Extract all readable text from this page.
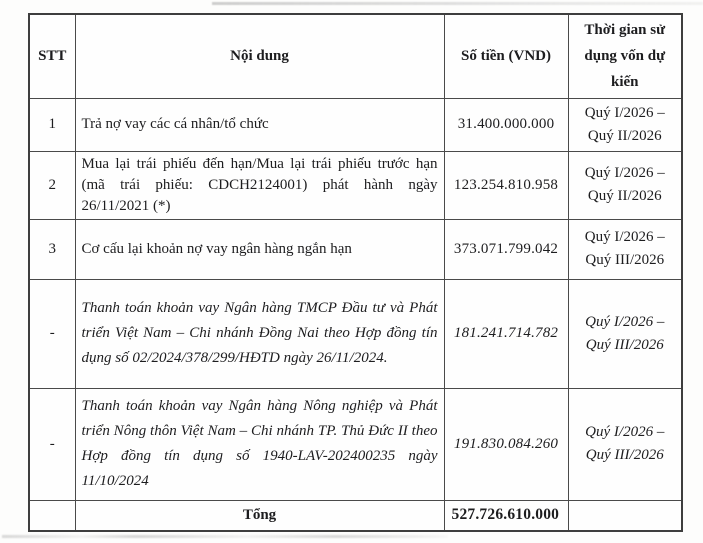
STT	Nội dung	Số tiền (VND)	Thời gian sử dụng vốn dự kiến
1	Trả nợ vay các cá nhân/tổ chức	31.400.000.000	Quý I/2026 – Quý II/2026
2	Mua lại trái phiếu đến hạn/Mua lại trái phiếu trước hạn (mã trái phiếu: CDCH2124001) phát hành ngày 26/11/2021 (*)	123.254.810.958	Quý I/2026 – Quý II/2026
3	Cơ cấu lại khoản nợ vay ngân hàng ngắn hạn	373.071.799.042	Quý I/2026 – Quý III/2026
-	Thanh toán khoản vay Ngân hàng TMCP Đầu tư và Phát triển Việt Nam – Chi nhánh Đồng Nai theo Hợp đồng tín dụng số 02/2024/378/299/HĐTD ngày 26/11/2024.	181.241.714.782	Quý I/2026 – Quý III/2026
-	Thanh toán khoản vay Ngân hàng Nông nghiệp và Phát triển Nông thôn Việt Nam – Chi nhánh TP. Thủ Đức II theo Hợp đồng tín dụng số 1940-LAV-202400235 ngày 11/10/2024	191.830.084.260	Quý I/2026 – Quý III/2026
	Tổng	527.726.610.000	
